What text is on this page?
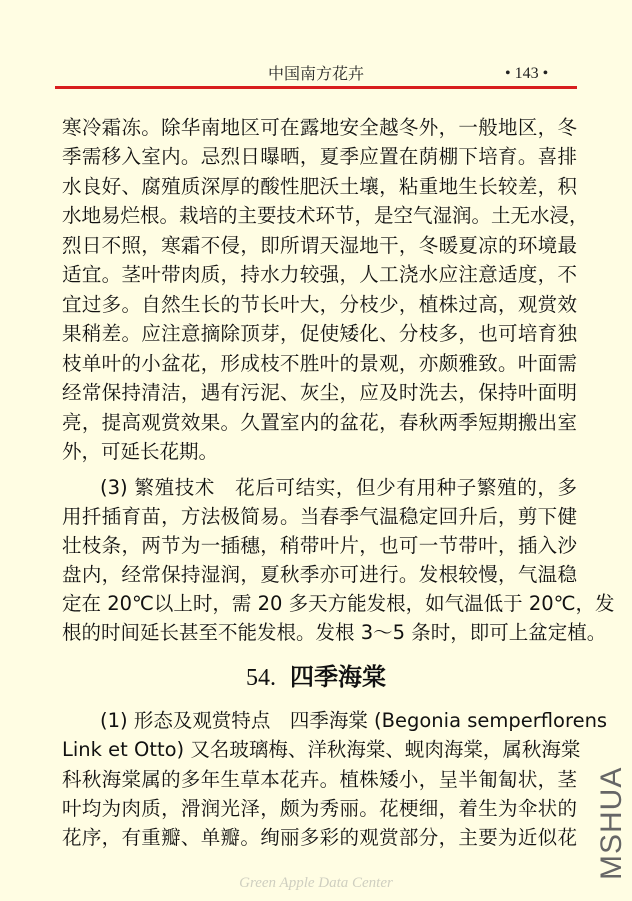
中国南方花卉	• 143 •
寒冷霜冻。除华南地区可在露地安全越冬外，一般地区，冬
季需移入室内。忌烈日曝晒，夏季应置在荫棚下培育。喜排
水良好、腐殖质深厚的酸性肥沃土壤，粘重地生长较差，积
水地易烂根。栽培的主要技术环节，是空气湿润。土无水浸，
烈日不照，寒霜不侵，即所谓天湿地干，冬暖夏凉的环境最
适宜。茎叶带肉质，持水力较强，人工浇水应注意适度，不
宜过多。自然生长的节长叶大，分枝少，植株过高，观赏效
果稍差。应注意摘除顶芽，促使矮化、分枝多，也可培育独
枝单叶的小盆花，形成枝不胜叶的景观，亦颇雅致。叶面需
经常保持清洁，遇有污泥、灰尘，应及时洗去，保持叶面明
亮，提高观赏效果。久置室内的盆花，春秋两季短期搬出室
外，可延长花期。
(3) 繁殖技术　花后可结实，但少有用种子繁殖的，多
用扦插育苗，方法极简易。当春季气温稳定回升后，剪下健
壮枝条，两节为一插穗，稍带叶片，也可一节带叶，插入沙
盘内，经常保持湿润，夏秋季亦可进行。发根较慢，气温稳
定在 20℃以上时，需 20 多天方能发根，如气温低于 20℃，发
根的时间延长甚至不能发根。发根 3～5 条时，即可上盆定植。
(1) 形态及观赏特点　四季海棠 (Begonia semperflorens
Link et Otto) 又名玻璃梅、洋秋海棠、蚬肉海棠，属秋海棠
科秋海棠属的多年生草本花卉。植株矮小，呈半匍匐状，茎
叶均为肉质，滑润光泽，颇为秀丽。花梗细，着生为伞状的
花序，有重瓣、单瓣。绚丽多彩的观赏部分，主要为近似花
54. 四季海棠
Green Apple Data Center
MSHUA
